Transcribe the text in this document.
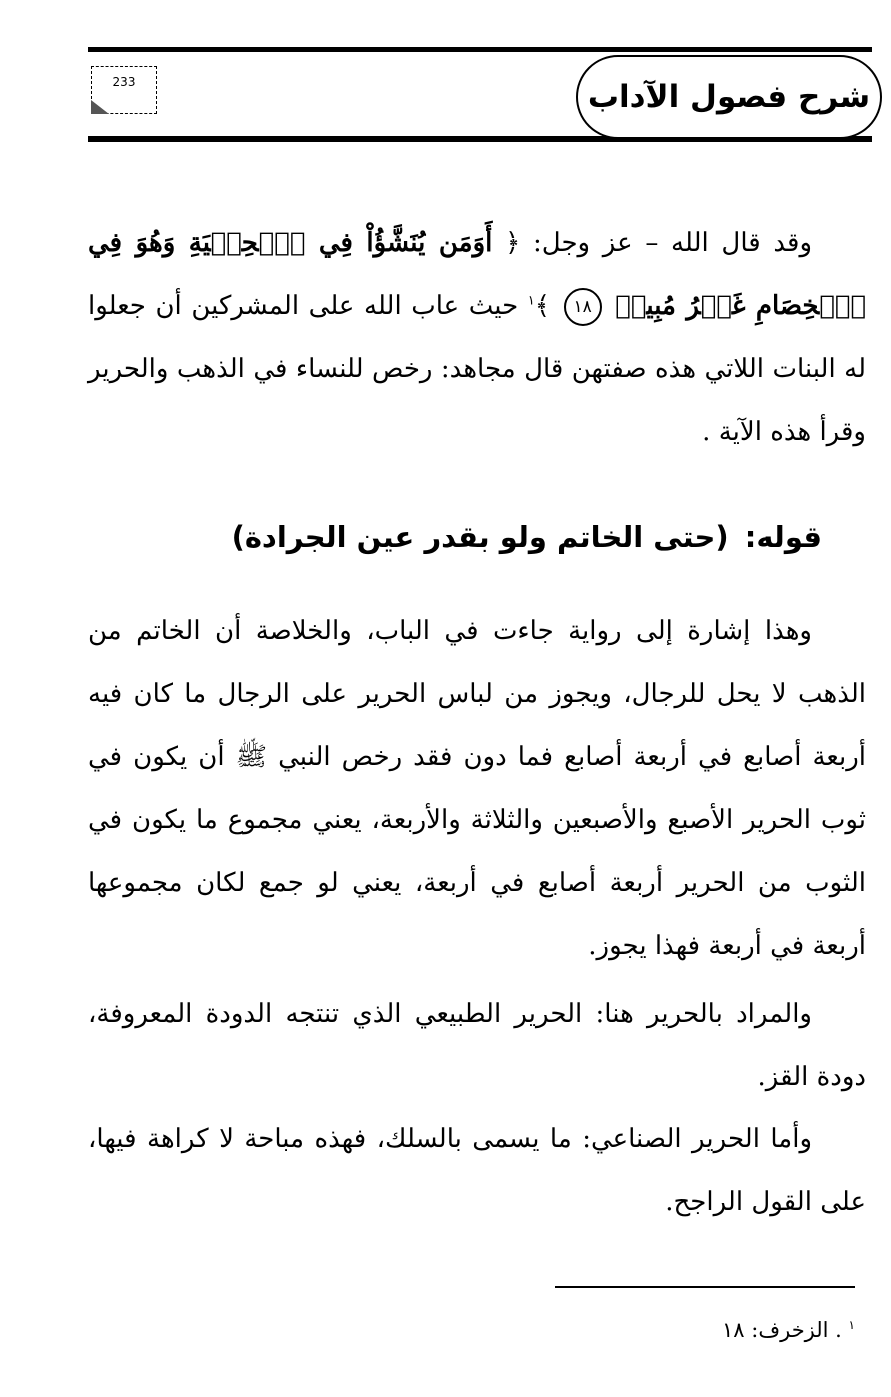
شرح فصول الآداب
233
وقد قال الله – عز وجل: ﴿ أَوَمَن يُنَشَّؤُاْ فِي ٱلۡحِلۡيَةِ وَهُوَ فِي ٱلۡخِصَامِ غَيۡرُ مُبِينٖ ١٨ ﴾$^١$ حيث عاب الله على المشركين أن جعلوا له البنات اللاتي هذه صفتهن قال مجاهد: رخص للنساء في الذهب والحرير وقرأ هذه الآية .
قوله: (حتى الخاتم ولو بقدر عين الجرادة)
وهذا إشارة إلى رواية جاءت في الباب، والخلاصة أن الخاتم من الذهب لا يحل للرجال، ويجوز من لباس الحرير على الرجال ما كان فيه أربعة أصابع في أربعة أصابع فما دون فقد رخص النبي ﷺ أن يكون في ثوب الحرير الأصبع والأصبعين والثلاثة والأربعة، يعني مجموع ما يكون في الثوب من الحرير أربعة أصابع في أربعة، يعني لو جمع لكان مجموعها أربعة في أربعة فهذا يجوز.
والمراد بالحرير هنا: الحرير الطبيعي الذي تنتجه الدودة المعروفة، دودة القز.
وأما الحرير الصناعي: ما يسمى بالسلك، فهذه مباحة لا كراهة فيها، على القول الراجح.
$^١$ . الزخرف: ١٨
